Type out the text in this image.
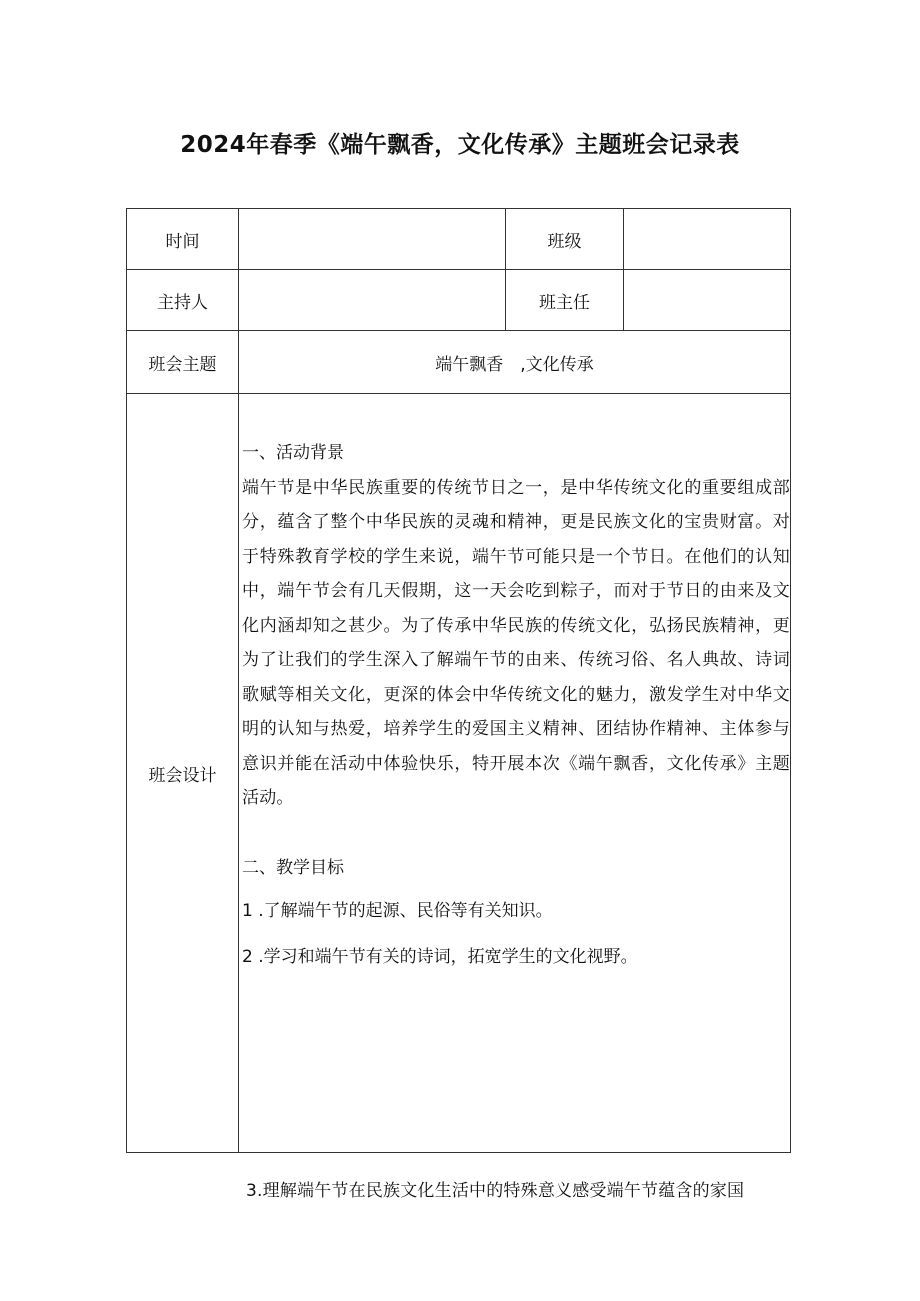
2024年春季《端午飘香，文化传承》主题班会记录表
时间		班级	
主持人		班主任	
班会主题	端午飘香　,文化传承		
班会设计	一、活动背景

端午节是中华民族重要的传统节日之一，是中华传统文化的重要组成部分，蕴含了整个中华民族的灵魂和精神，更是民族文化的宝贵财富。对于特殊教育学校的学生来说，端午节可能只是一个节日。在他们的认知中，端午节会有几天假期，这一天会吃到粽子，而对于节日的由来及文化内涵却知之甚少。为了传承中华民族的传统文化，弘扬民族精神，更为了让我们的学生深入了解端午节的由来、传统习俗、名人典故、诗词歌赋等相关文化，更深的体会中华传统文化的魅力，激发学生对中华文明的认知与热爱，培养学生的爱国主义精神、团结协作精神、主体参与意识并能在活动中体验快乐，特开展本次《端午飘香，文化传承》主题活动。

二、教学目标

1 .了解端午节的起源、民俗等有关知识。

2 .学习和端午节有关的诗词，拓宽学生的文化视野。		

3.理解端午节在民族文化生活中的特殊意义感受端午节蕴含的家国
